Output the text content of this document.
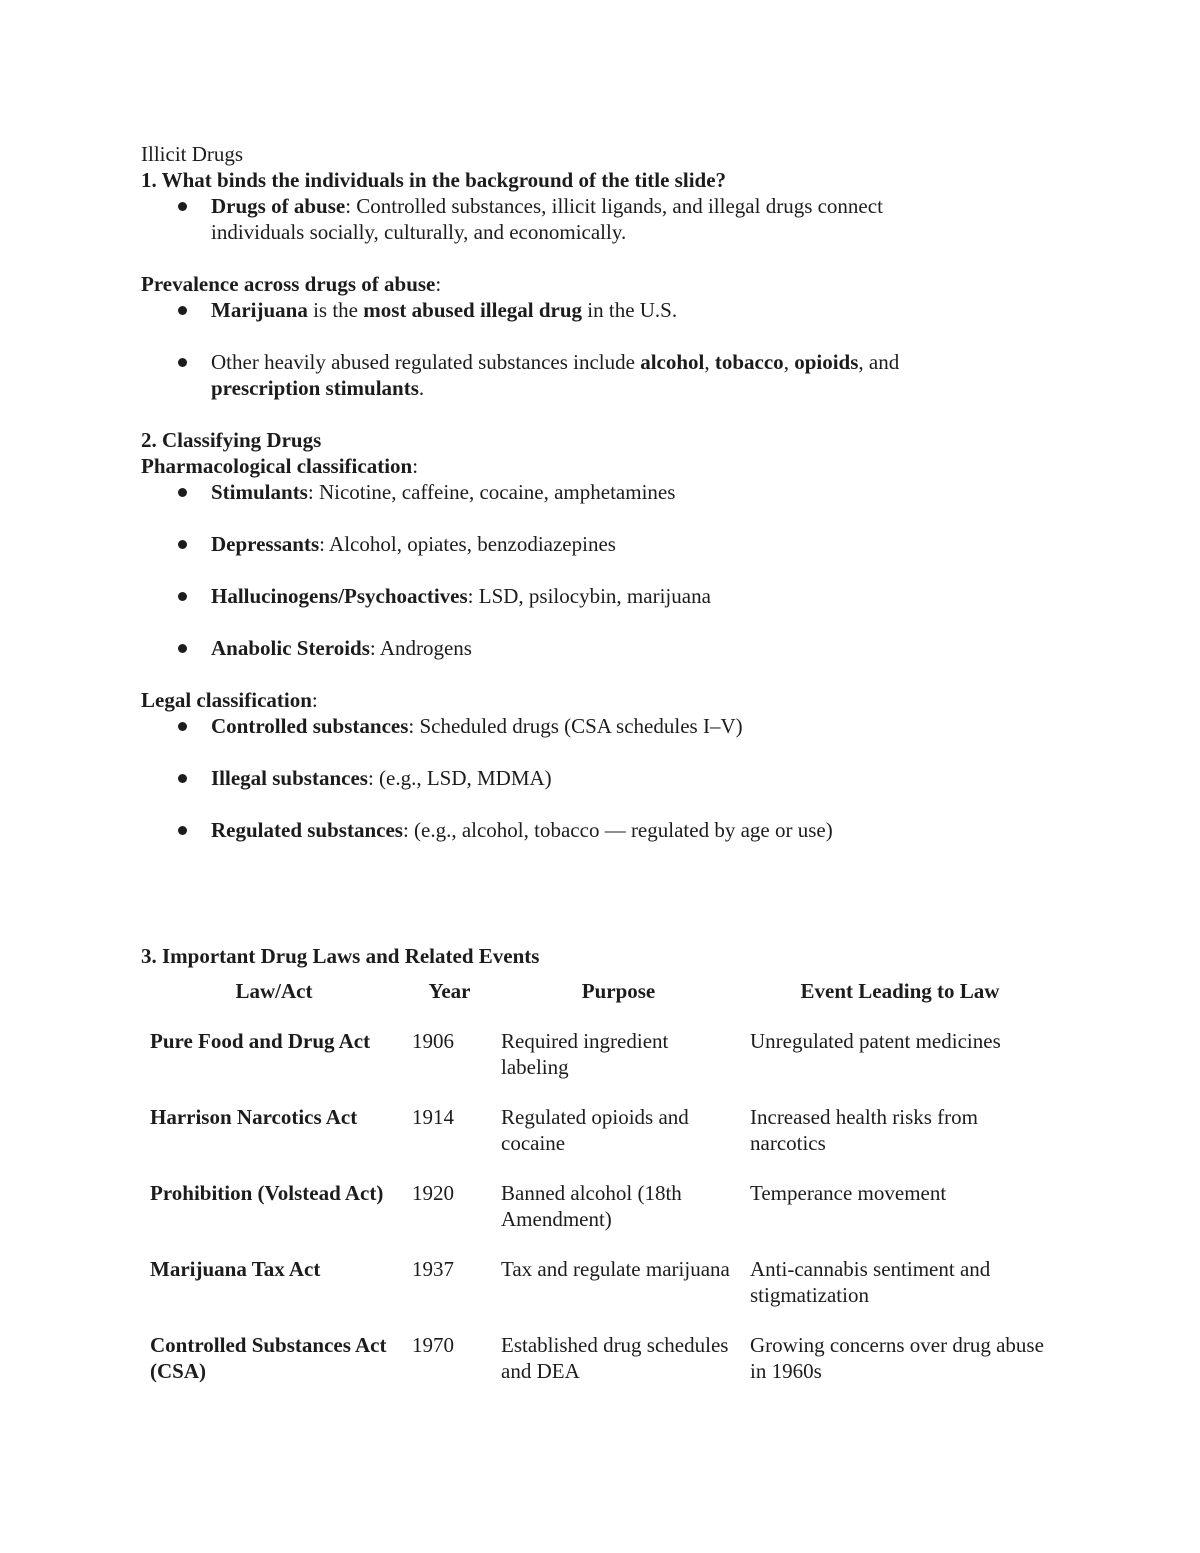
Illicit Drugs
1. What binds the individuals in the background of the title slide?
Drugs of abuse: Controlled substances, illicit ligands, and illegal drugs connect
individuals socially, culturally, and economically.
Prevalence across drugs of abuse:
Marijuana is the most abused illegal drug in the U.S.
Other heavily abused regulated substances include alcohol, tobacco, opioids, and
prescription stimulants.
2. Classifying Drugs
Pharmacological classification:
Stimulants: Nicotine, caffeine, cocaine, amphetamines
Depressants: Alcohol, opiates, benzodiazepines
Hallucinogens/Psychoactives: LSD, psilocybin, marijuana
Anabolic Steroids: Androgens
Legal classification:
Controlled substances: Scheduled drugs (CSA schedules I–V)
Illegal substances: (e.g., LSD, MDMA)
Regulated substances: (e.g., alcohol, tobacco — regulated by age or use)
3. Important Drug Laws and Related Events
Law/Act	Year	Purpose	Event Leading to Law
Pure Food and Drug Act	1906	Required ingredient labeling	Unregulated patent medicines
Harrison Narcotics Act	1914	Regulated opioids and cocaine	Increased health risks from narcotics
Prohibition (Volstead Act)	1920	Banned alcohol (18th Amendment)	Temperance movement
Marijuana Tax Act	1937	Tax and regulate marijuana	Anti-cannabis sentiment and stigmatization
Controlled Substances Act (CSA)	1970	Established drug schedules and DEA	Growing concerns over drug abuse in 1960s
